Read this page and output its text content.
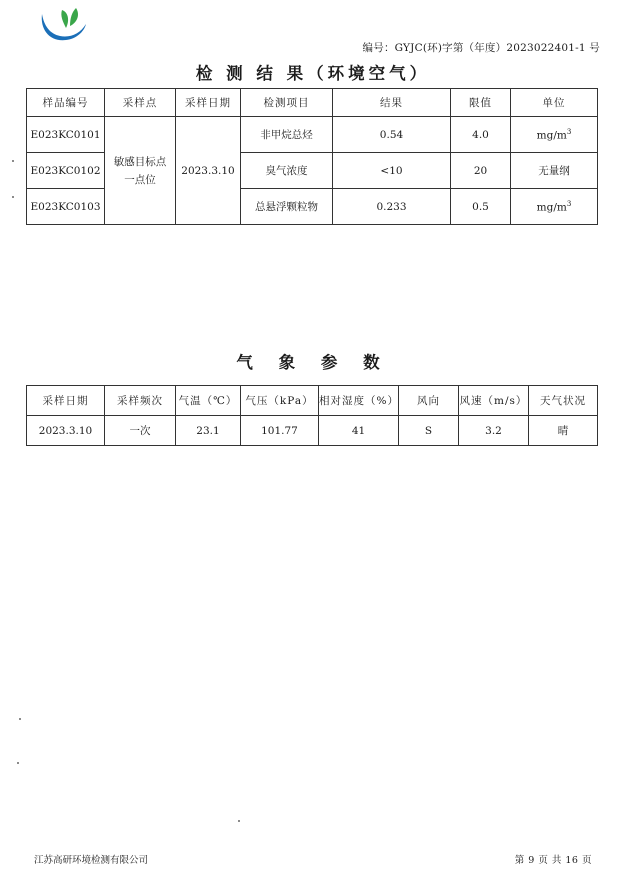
编号：GYJC(环)字第（年度）2023022401-1 号
检 测 结 果（环境空气）
样品编号	采样点	采样日期	检测项目	结果	限值	单位
E023KC0101	敏感目标点一点位	2023.3.10	非甲烷总烃	0.54	4.0	$mg/m^3$
E023KC0102			臭气浓度	<10	20	无量纲
E023KC0103			总悬浮颗粒物	0.233	0.5	$mg/m^3$
气 象 参 数
采样日期	采样频次	气温（℃）	气压（kPa）	相对湿度（%）	风向	风速（m/s）	天气状况
2023.3.10	一次	23.1	101.77	41	S	3.2	晴
江苏高研环境检测有限公司	第 9 页 共 16 页
